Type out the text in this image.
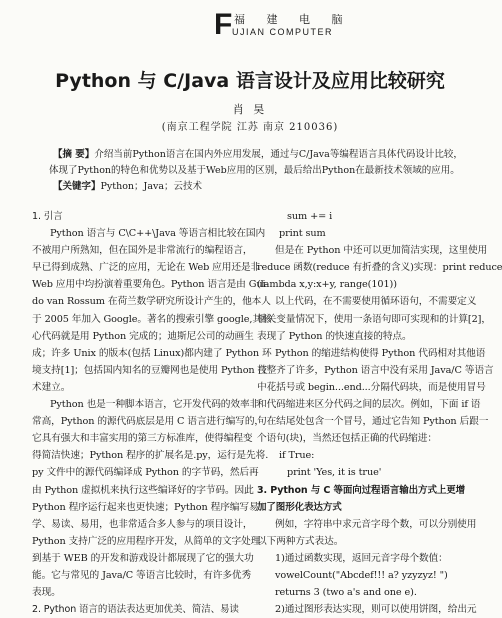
F 福 建 电 脑
UJIAN COMPUTER
Python 与 C/Java 语言设计及应用比较研究
肖 昊
(南京工程学院 江苏 南京 210036)
【摘 要】介绍当前Python语言在国内外应用发展，通过与C/Java等编程语言具体代码设计比较，
体现了Python的特色和优势以及基于Web应用的区别，最后给出Python在最新技术领域的应用。
【关键字】Python；Java；云技术
1. 引言
Python 语言与 C\C++\Java 等语言相比较在国内
不被用户所熟知，但在国外是非常流行的编程语言，
早已得到成熟、广泛的应用，无论在 Web 应用还是非
Web 应用中均扮演着重要角色。Python 语言是由 Gui-
do van Rossum 在荷兰数学研究所设计产生的，他本人
于 2005 年加入 Google。著名的搜索引擎 google,其核
心代码就是用 Python 完成的；迪斯尼公司的动画生
成；许多 Unix 的版本(包括 Linux)都内建了 Python 环
境支持[1]；包括国内知名的豆瓣网也是使用 Python 技
术建立。
Python 也是一种脚本语言，它开发代码的效率非
常高，Python 的源代码底层是用 C 语言进行编写的，
它具有强大和丰富实用的第三方标准库，使得编程变
得简洁快速；Python 程序的扩展名是.py，运行是先将.
py 文件中的源代码编译成 Python 的字节码，然后再
由 Python 虚拟机来执行这些编译好的字节码。因此
Python 程序运行起来也更快速；Python 程序编写易
学、易读、易用，也非常适合多人参与的项目设计，
Python 支持广泛的应用程序开发，从简单的文字处理
到基于 WEB 的开发和游戏设计都展现了它的强大功
能。它与常见的 Java/C 等语言比较时，有许多优秀
表现。
2. Python 语言的语法表达更加优美、简洁、易读
sum += i
print sum
但是在 Python 中还可以更加简洁实现，这里使用
reduce 函数(reduce 有折叠的含义)实现：print reduce
(lambda x,y:x+y, range(101))
以上代码，在不需要使用循环语句，不需要定义
相关变量情况下，使用一条语句即可实现和的计算[2]，
表现了 Python 的快速直接的特点。
Python 的缩进结构使得 Python 代码相对其他语
言整齐了许多，Python 语言中没有采用 Java/C 等语言
中花括号或 begin...end...分隔代码块，而是使用冒号
和代码缩进来区分代码之间的层次。例如，下面 if 语
句在结尾处包含一个冒号，通过它告知 Python 后跟一
个语句(块)，当然还包括正确的代码缩进：
if True:
print 'Yes, it is true'
3. Python 与 C 等面向过程语言输出方式上更增
加了图形化表达方式
例如，字符串中求元音字母个数，可以分别使用
以下两种方式表达。
1)通过函数实现，返回元音字母个数值：
vowelCount("Abcdef!!! a? yzyzyz! ")
returns 3 (two a's and one e).
2)通过图形表达实现，则可以使用饼图，给出元
